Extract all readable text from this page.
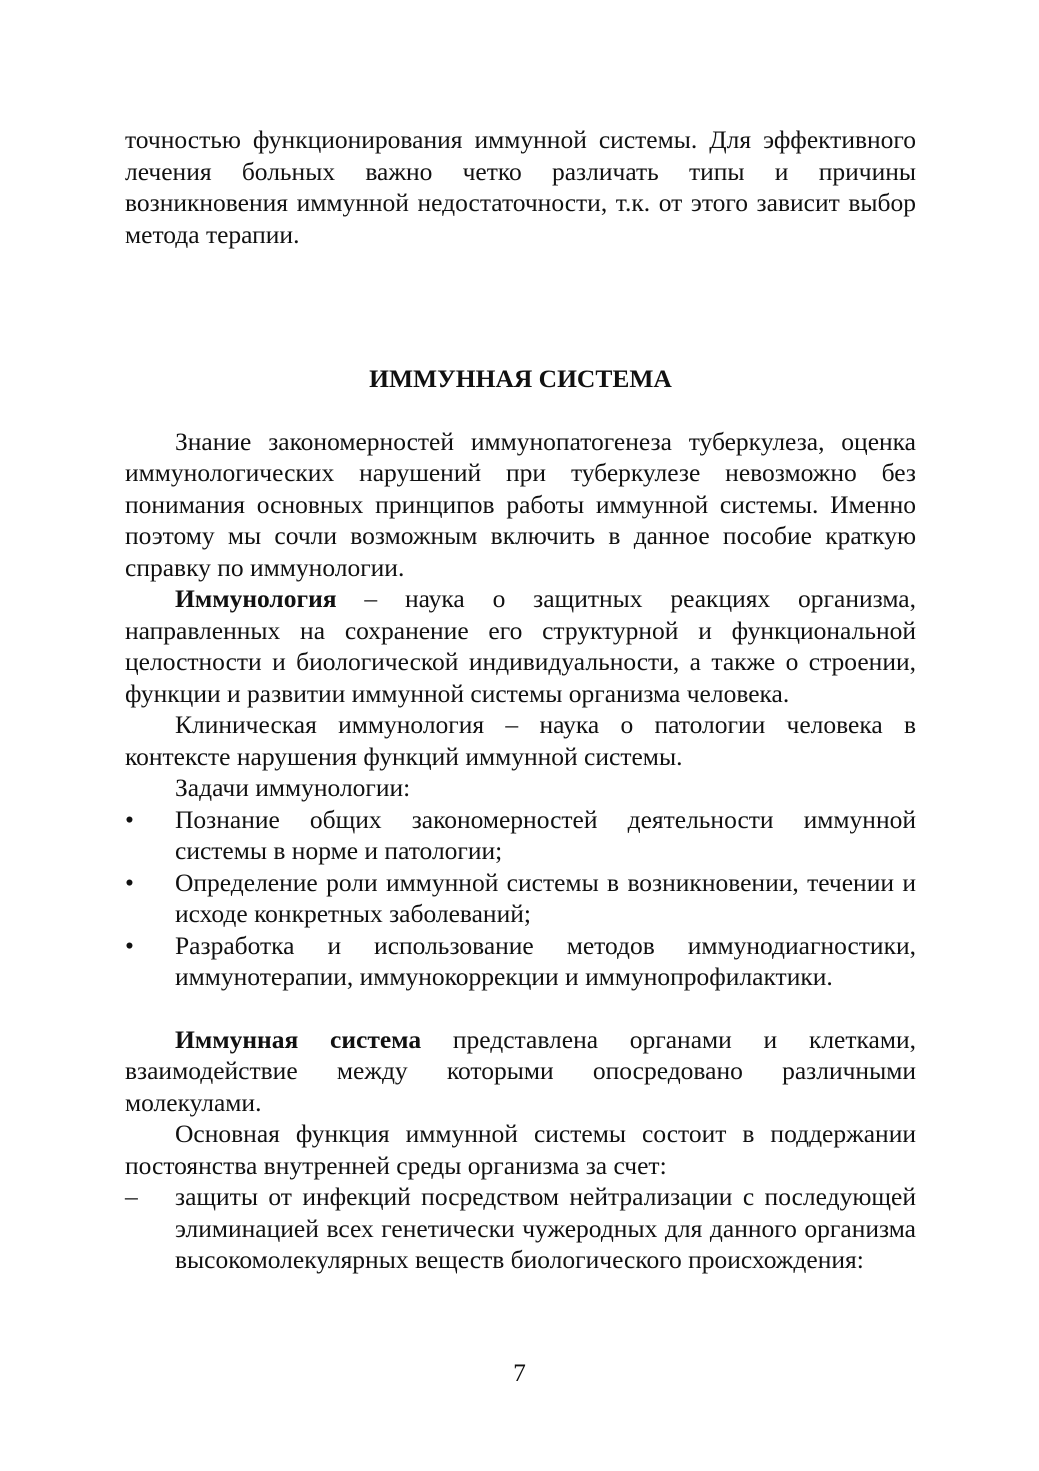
точностью функционирования иммунной системы. Для эффективного лечения больных важно четко различать типы и причины возникновения иммунной недостаточности, т.к. от этого зависит выбор метода терапии.

ИММУННАЯ СИСТЕМА

Знание закономерностей иммунопатогенеза туберкулеза, оценка иммунологических нарушений при туберкулезе невозможно без понимания основных принципов работы иммунной системы. Именно поэтому мы сочли возможным включить в данное пособие краткую справку по иммунологии.

Иммунология – наука о защитных реакциях организма, направленных на сохранение его структурной и функциональной целостности и биологической индивидуальности, а также о строении, функции и развитии иммунной системы организма человека.

Клиническая иммунология – наука о патологии человека в контексте нарушения функций иммунной системы.

Задачи иммунологии:

• Познание общих закономерностей деятельности иммунной системы в норме и патологии;
• Определение роли иммунной системы в возникновении, течении и исходе конкретных заболеваний;
• Разработка и использование методов иммунодиагностики, иммунотерапии, иммунокоррекции и иммунопрофилактики.

Иммунная система представлена органами и клетками, взаимодействие между которыми опосредовано различными молекулами.

Основная функция иммунной системы состоит в поддержании постоянства внутренней среды организма за счет:

– защиты от инфекций посредством нейтрализации с последующей элиминацией всех генетически чужеродных для данного организма высокомолекулярных веществ биологического происхождения:
7
